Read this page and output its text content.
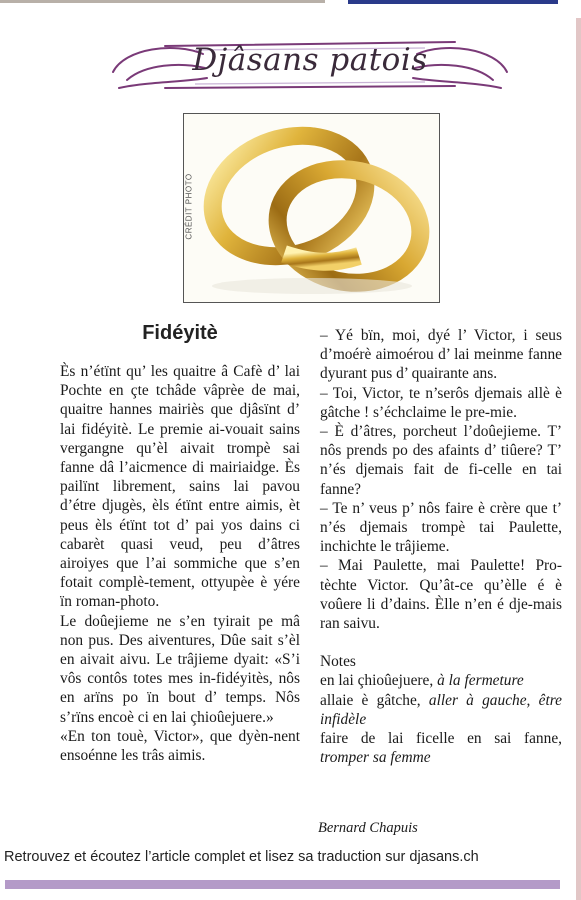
Djâsans patois
CRÉDIT PHOTO
Fidéyitè

Ès n’étïnt qu’ les quaitre â Cafè d’ lai Pochte en çte tchâde vâprèe de mai, quaitre hannes mairiès que djâsïnt d’ lai fidéyitè. Le premie ai-vouait sains vergangne qu’èl aivait trompè sai fanne dâ l’aicmence di mairiaidge. Ès pailïnt librement, sains lai pavou d’étre djugès, èls étïnt entre aimis, èt peus èls étïnt tot d’ pai yos dains ci cabarèt quasi veud, peu d’âtres airoiyes que l’ai sommiche que s’en fotait complè-tement, ottyupèe è yére ïn roman-photo.

Le doûejieme ne s’en tyirait pe mâ non pus. Des aiventures, Dûe sait s’èl en aivait aivu. Le trâjieme dyait: «S’i vôs contôs totes mes in-fidéyitès, nôs en arïns po ïn bout d’ temps. Nôs s’rïns encoè ci en lai çhioûejuere.»

«En ton touè, Victor», que dyèn-nent ensoénne les trâs aimis.

– Yé bïn, moi, dyé l’ Victor, i seus d’moérè aimoérou d’ lai meinme fanne dyurant pus d’ quairante ans.

– Toi, Victor, te n’serôs djemais allè è gâtche ! s’échclaime le pre-mie.

– È d’âtres, porcheut l’doûejieme. T’ nôs prends po des afaints d’ tiûere? T’ n’és djemais fait de fi-celle en tai fanne?

– Te n’ veus p’ nôs faire è crère que t’ n’és djemais trompè tai Paulette, inchichte le trâjieme.

– Mai Paulette, mai Paulette! Pro-tèchte Victor. Qu’ât-ce qu’èlle é è voûere li d’dains. Èlle n’en é dje-mais ran saivu.

Notes

en lai çhioûejuere, à la fermeture

allaie è gâtche, aller à gauche, être infidèle

faire de lai ficelle en sai fanne, tromper sa femme

Bernard Chapuis
Retrouvez et écoutez l’article complet et lisez sa traduction sur djasans.ch
